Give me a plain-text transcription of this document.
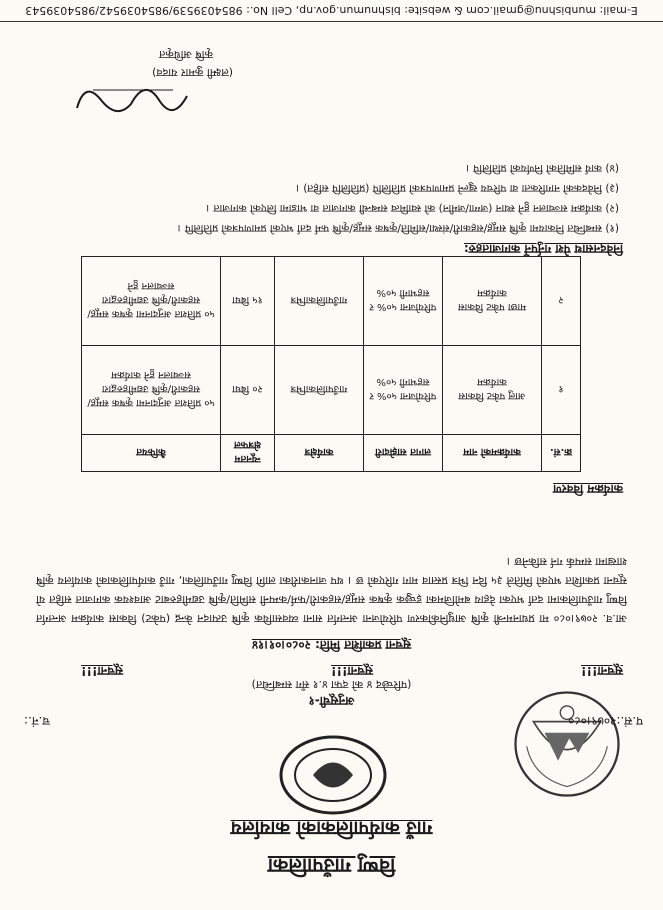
विष्णु गाउँपालिका
गाउँ कार्यपालिकाको कार्यालय
प.सं.:२०७९।०८०
च.नं.:
अनुसूची-१
(परिच्छेद ४ को दफा ४.१ सँग सम्बन्धित)
सूचना!!!
सूचना!!!
सूचना!!!
सूचना प्रकाशित मिति: २०८०।०१।१४
आ.व. २०७९।०८० मा प्रधानमन्त्री कृषि आधुनिकीकरण परियोजना अन्तर्गत साना व्यवसायिक कृषि उत्पादन केन्द्र (पकेट) विकास कार्यक्रम अन्तर्गत विष्णु गाउँपालिकामा दर्ता भएका देहाय बमोजिमका इच्छुक कृषक समूह/सहकारी/फर्म/कम्पनी समिति/कृषि उद्यमीहरुबाट आवश्यक कागजात सहित यो सूचना प्रकाशित भएको मितिले ३५ दिन भित्र प्रस्ताव माग गरिएको छ । थप जानकारीका लागि विष्णु गाउँपालिका, गाउँ कार्यपालिकाको कार्यालय कृषि शाखामा सम्पर्क गर्न सकिनेछ ।
कार्यक्रम विवरण
क्र.सं.	कार्यक्रमको नाम	लागत साझेदारी	कार्यक्षेत्र	न्यूनतम क्षेत्रफल	कैफियत
१	आलु पकेट विकास कार्यक्रम	परियोजना ५०% र सहभागी ५०%	गाउँपालिकाभित्र	२० बिघा	५० प्रतिशत अनुदानमा कृषक समूह/सहकारी/कृषि उद्यमीहरुद्वारा सञ्चालन हुने कार्यक्रम
२	माछा पकेट विकास कार्यक्रम	परियोजना ५०% र सहभागी ५०%	गाउँपालिकाभित्र	१५ बिघा	५० प्रतिशत अनुदानमा कृषक समूह/सहकारी/कृषि उद्यमीहरुद्वारा सञ्चालन हुने
निवेदनसाथ पेश गर्नुपर्ने कागजातहरु:
(१) सम्बन्धित निकायमा कृषि समूह/सहकारी/संस्था/समिति/कृषक समूह/कृषि फर्म दर्ता भएको प्रमाणपत्रको प्रतिलिपि ।
(२) कार्यक्रम सञ्चालन हुने स्थान (जग्गा/जमीन) को स्वामित्व सम्बन्धी कागजात वा भाडामा लिएको कागजात ।
(३) निवेदकको नागरिकता वा परिचय खुल्ने प्रमाणपत्रको प्रतिलिपि (प्रतिलिपि सहित) ।
(४) कार्य समितिको निर्णयको प्रतिलिपि ।
(लक्ष्मी कुमार यादव)
कृषि अधिकृत
E-mail: munbishnu@gmail.com & website: bishnumun.gov.np, Cell No.: 9854039539/9854039542/9854039543
